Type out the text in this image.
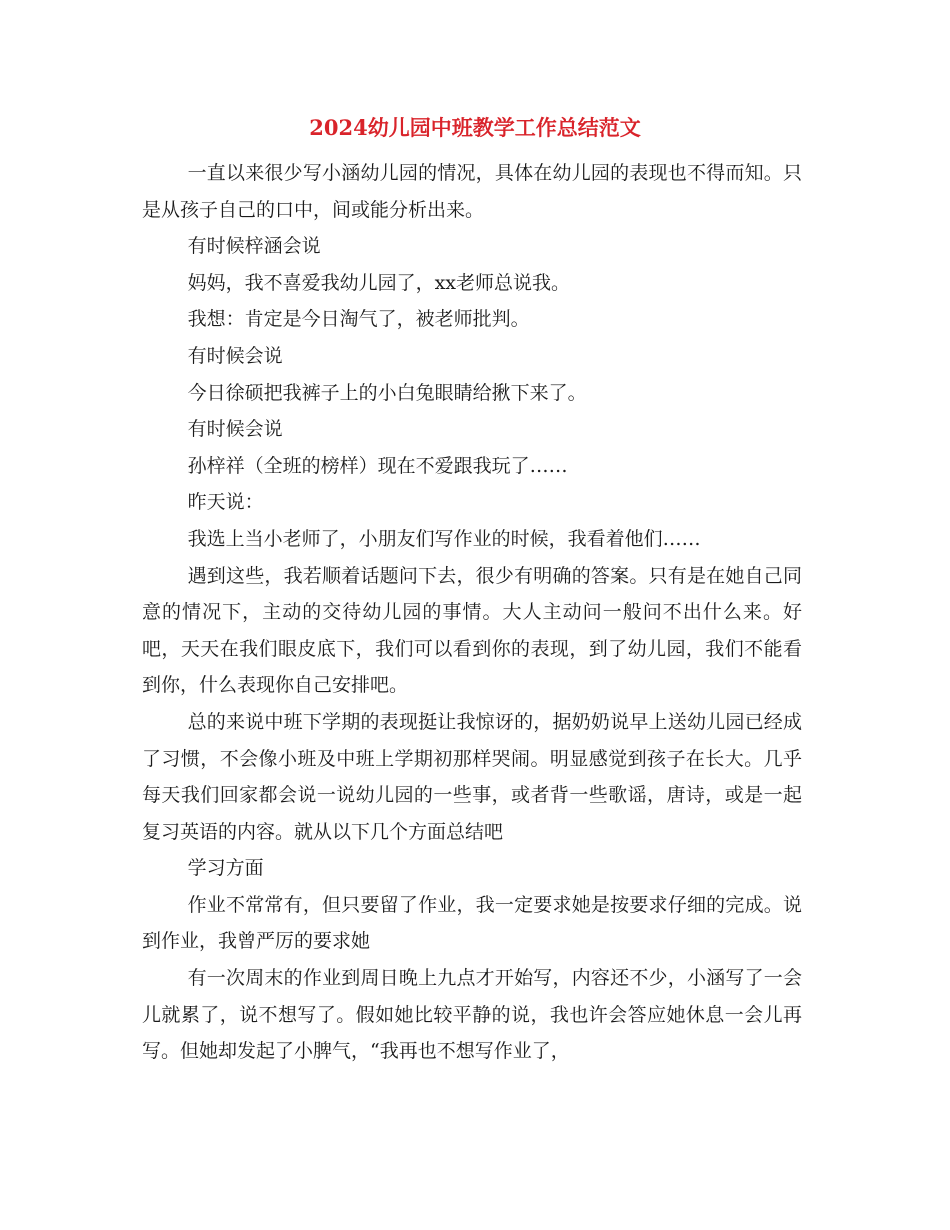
2024幼儿园中班教学工作总结范文

一直以来很少写小涵幼儿园的情况，具体在幼儿园的表现也不得而知。只是从孩子自己的口中，间或能分析出来。

有时候梓涵会说

妈妈，我不喜爱我幼儿园了，xx老师总说我。

我想：肯定是今日淘气了，被老师批判。

有时候会说

今日徐硕把我裤子上的小白兔眼睛给揪下来了。

有时候会说

孙梓祥（全班的榜样）现在不爱跟我玩了……

昨天说：

我选上当小老师了，小朋友们写作业的时候，我看着他们……

遇到这些，我若顺着话题问下去，很少有明确的答案。只有是在她自己同意的情况下，主动的交待幼儿园的事情。大人主动问一般问不出什么来。好吧，天天在我们眼皮底下，我们可以看到你的表现，到了幼儿园，我们不能看到你，什么表现你自己安排吧。

总的来说中班下学期的表现挺让我惊讶的，据奶奶说早上送幼儿园已经成了习惯，不会像小班及中班上学期初那样哭闹。明显感觉到孩子在长大。几乎每天我们回家都会说一说幼儿园的一些事，或者背一些歌谣，唐诗，或是一起复习英语的内容。就从以下几个方面总结吧

学习方面

作业不常常有，但只要留了作业，我一定要求她是按要求仔细的完成。说到作业，我曾严厉的要求她

有一次周末的作业到周日晚上九点才开始写，内容还不少，小涵写了一会儿就累了，说不想写了。假如她比较平静的说，我也许会答应她休息一会儿再写。但她却发起了小脾气，“我再也不想写作业了，
